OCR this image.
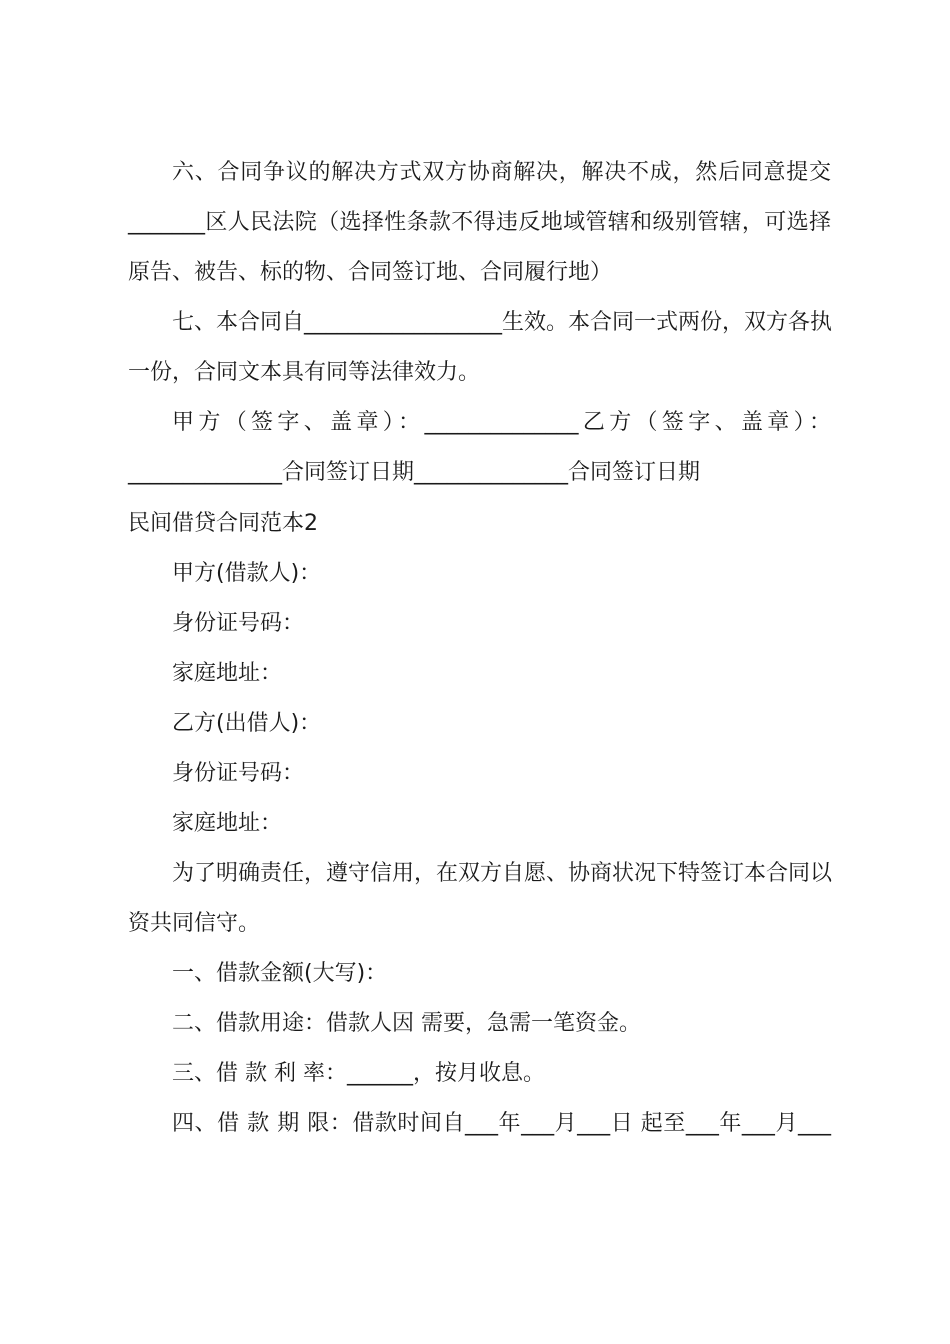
六、合同争议的解决方式双方协商解决，解决不成，然后同意提交
_______区人民法院（选择性条款不得违反地域管辖和级别管辖，可选择
原告、被告、标的物、合同签订地、合同履行地）
七、本合同自__________________生效。本合同一式两份，双方各执
一份，合同文本具有同等法律效力。
甲方（签字、盖章）：______________乙方（签字、盖章）：
______________合同签订日期______________合同签订日期
民间借贷合同范本2
甲方(借款人)：
身份证号码：
家庭地址：
乙方(出借人)：
身份证号码：
家庭地址：
为了明确责任，遵守信用，在双方自愿、协商状况下特签订本合同以
资共同信守。
一、借款金额(大写)：
二、借款用途：借款人因 需要，急需一笔资金。
三、借 款 利 率：______，按月收息。
四、借 款 期 限：借款时间自___年___月___日 起至___年___月___
